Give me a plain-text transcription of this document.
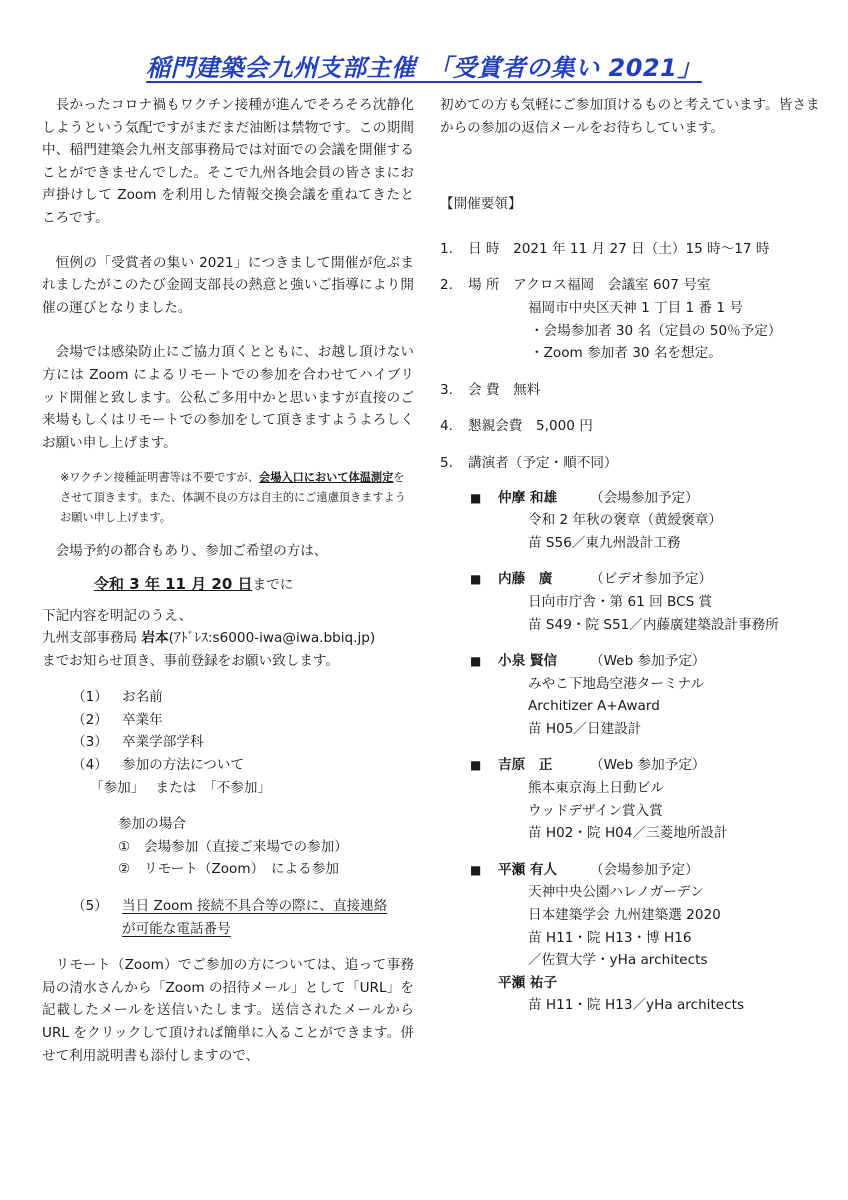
稲門建築会九州支部主催　「受賞者の集い 2021」

長かったコロナ禍もワクチン接種が進んでそろそろ沈静化しようという気配ですがまだまだ油断は禁物です。この期間中、稲門建築会九州支部事務局では対面での会議を開催することができませんでした。そこで九州各地会員の皆さまにお声掛けして Zoom を利用した情報交換会議を重ねてきたところです。

恒例の「受賞者の集い 2021」につきまして開催が危ぶまれましたがこのたび金岡支部長の熱意と強いご指導により開催の運びとなりました。

会場では感染防止にご協力頂くとともに、お越し頂けない方には Zoom によるリモートでの参加を合わせてハイブリッド開催と致します。公私ご多用中かと思いますが直接のご来場もしくはリモートでの参加をして頂きますようよろしくお願い申し上げます。

※ワクチン接種証明書等は不要ですが、会場入口において体温測定をさせて頂きます。また、体調不良の方は自主的にご遠慮頂きますようお願い申し上げます。

会場予約の都合もあり、参加ご希望の方は、

令和 3 年 11 月 20 日までに

下記内容を明記のうえ、

九州支部事務局 岩本(ｱﾄﾞﾚｽ:s6000-iwa@iwa.bbiq.jp)

までお知らせ頂き、事前登録をお願い致します。

（1） お名前

（2） 卒業年

（3） 卒業学部学科

（4） 参加の方法について

「参加」　 または　「不参加」

参加の場合

① 会場参加（直接ご来場での参加）

② リモート（Zoom）　による参加

（5） 当日 Zoom 接続不具合等の際に、直接連絡

が可能な電話番号

リモート（Zoom）でご参加の方については、追って事務局の清水さんから「Zoom の招待メール」として「URL」を記載したメールを送信いたします。送信されたメールから URL をクリックして頂ければ簡単に入ることができます。併せて利用説明書も添付しますので、

初めての方も気軽にご参加頂けるものと考えています。皆さまからの参加の返信メールをお待ちしています。

【開催要領】

1. 日 時　2021 年 11 月 27 日（土）15 時～17 時

2. 場 所　アクロス福岡　会議室 607 号室

福岡市中央区天神 1 丁目 1 番 1 号

・会場参加者 30 名（定員の 50％予定）

・Zoom 参加者 30 名を想定。

3. 会 費　無料

4. 懇親会費　5,000 円

5. 講演者（予定・順不同）

■ 仲摩 和雄 （会場参加予定）

令和 2 年秋の褒章（黄綬褒章）

苗 S56／東九州設計工務

■ 内藤　廣	（ビデオ参加予定）

日向市庁舎・第 61 回 BCS 賞

苗 S49・院 S51／内藤廣建築設計事務所

■ 小泉 賢信 （Web 参加予定）

みやこ下地島空港ターミナル

Architizer A+Award

苗 H05／日建設計

■ 吉原　正	（Web 参加予定）

熊本東京海上日動ビル

ウッドデザイン賞入賞

苗 H02・院 H04／三菱地所設計

■ 平瀬 有人 （会場参加予定）

天神中央公園ハレノガーデン

日本建築学会 九州建築選 2020

苗 H11・院 H13・博 H16

／佐賀大学・yHa architects

平瀬 祐子

苗 H11・院 H13／yHa architects
